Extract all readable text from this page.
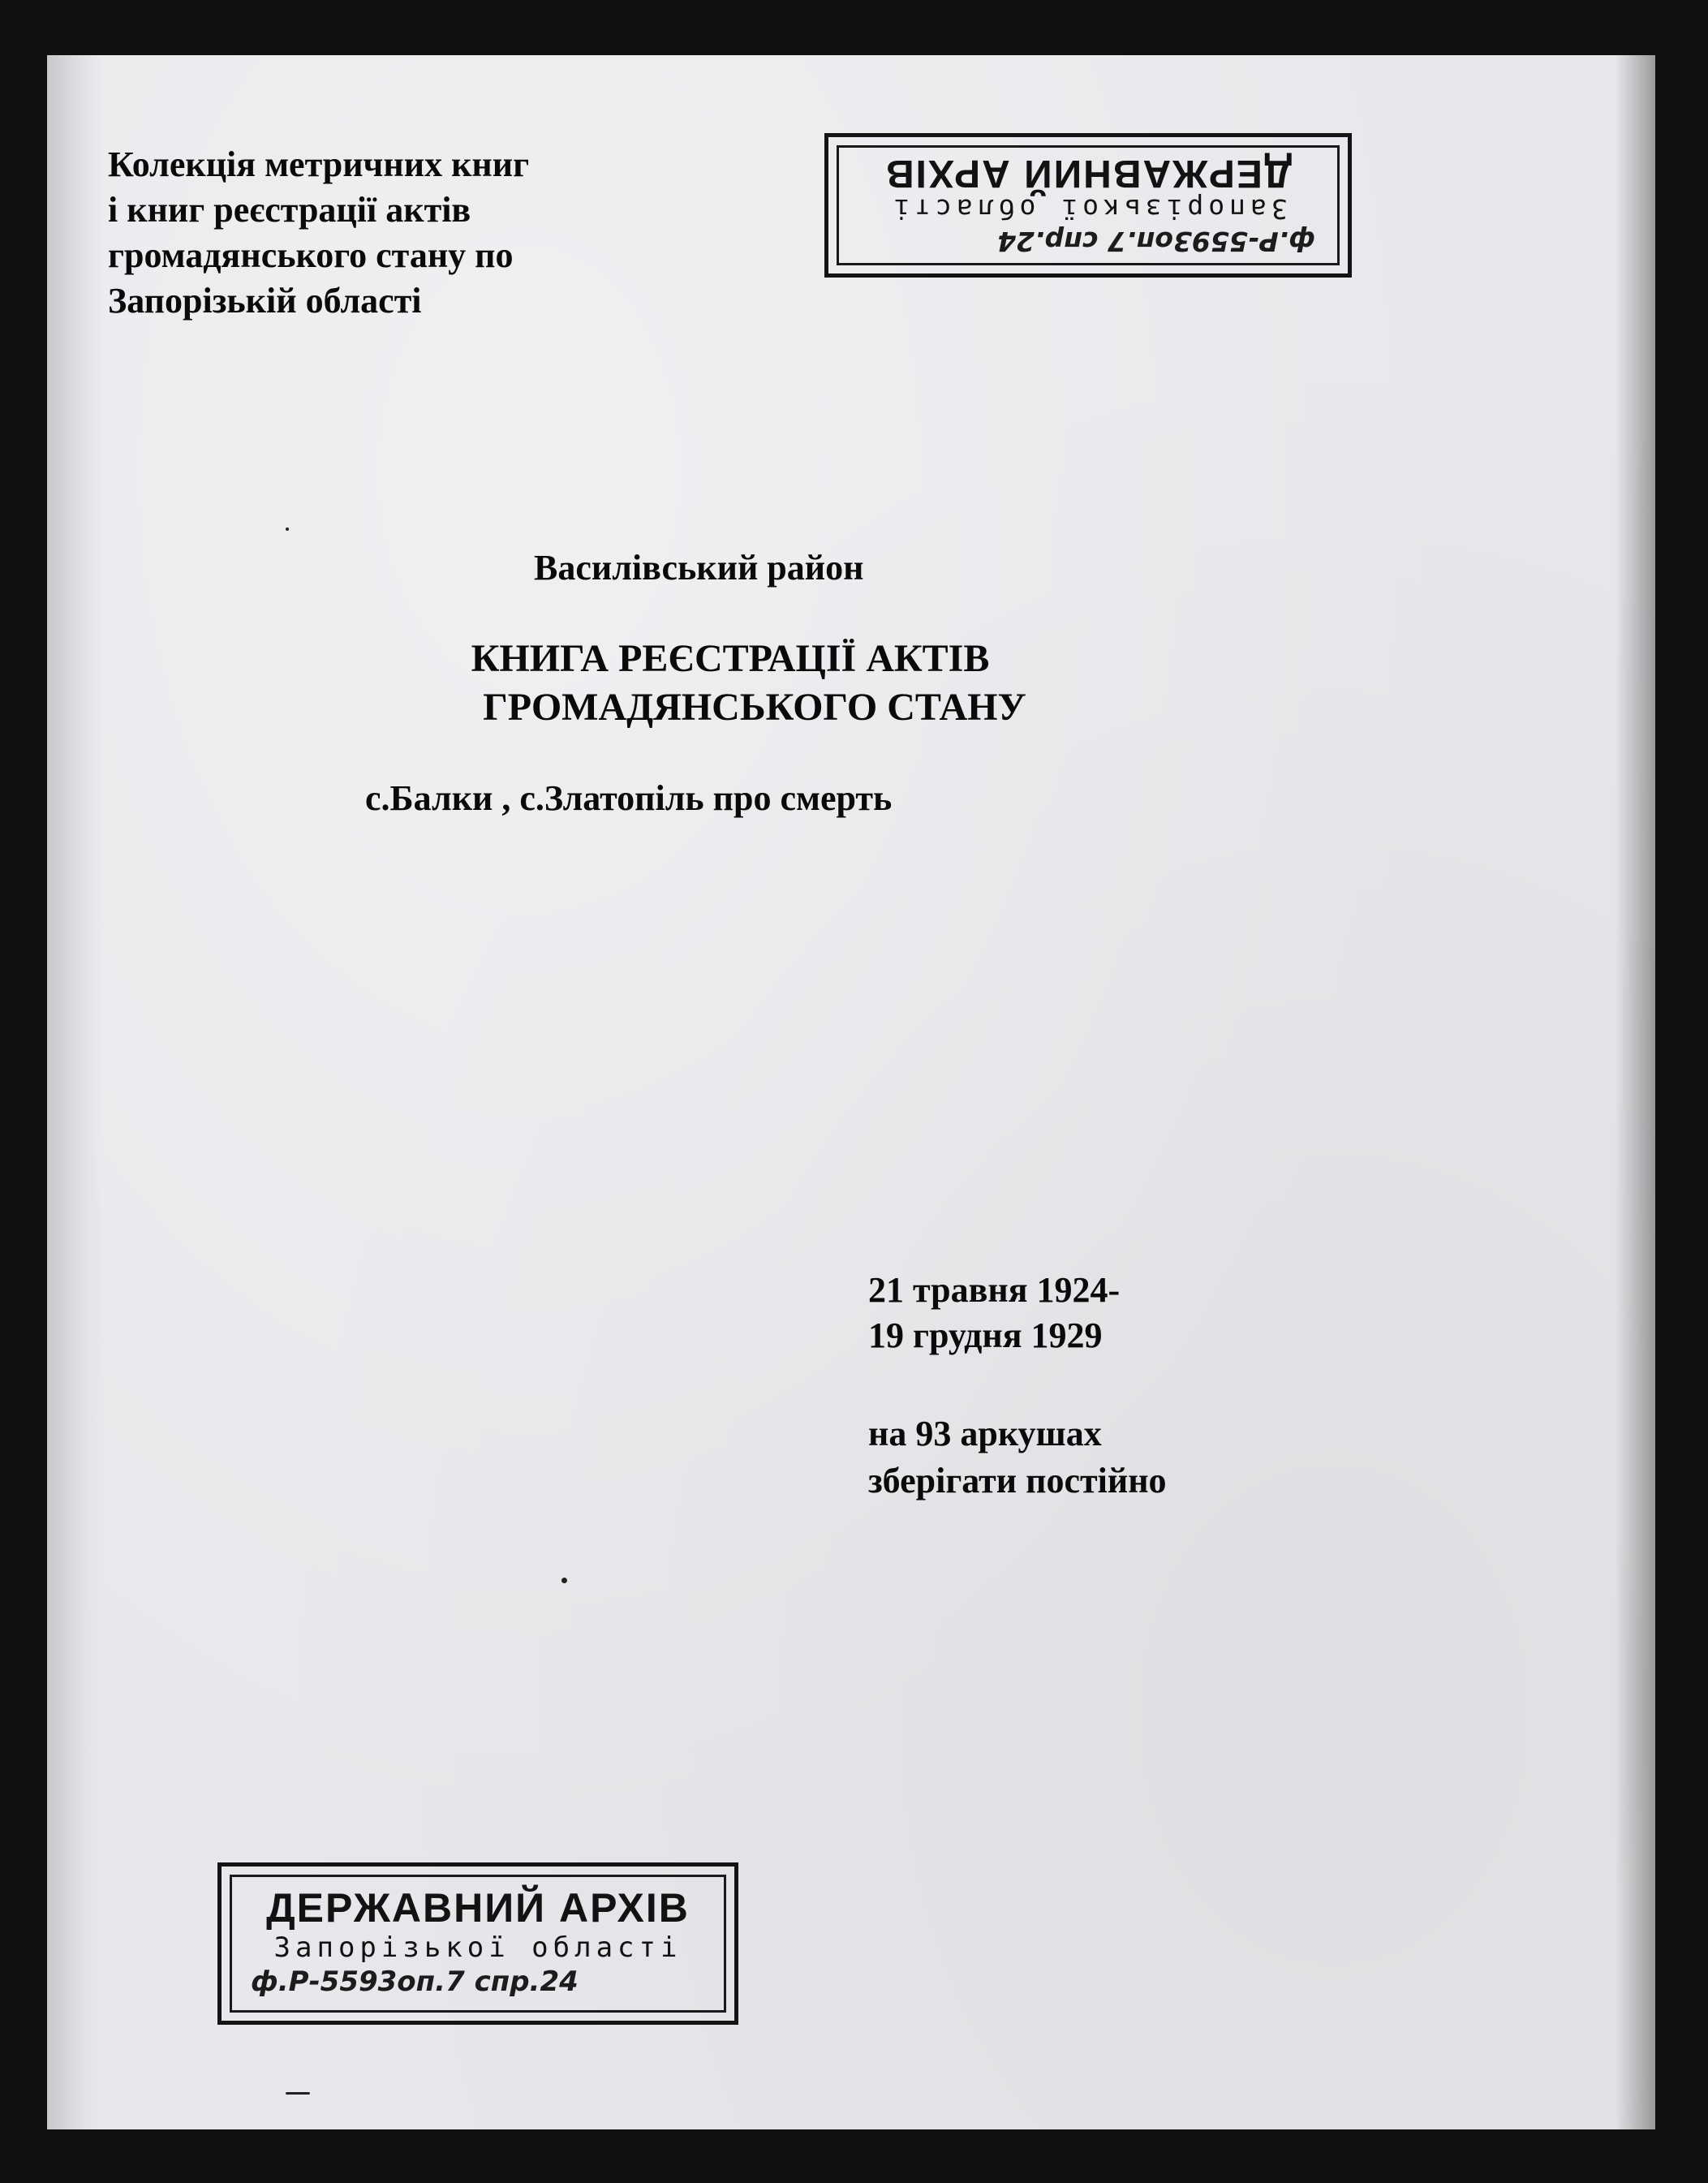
Колекція метричних книг
і книг реєстрації актів
громадянського стану по
Запорізькій області
ДЕРЖАВНИЙ АРХІВ
Запорізької області
ф.Р-5593оп.7 спр.24
Василівський район
КНИГА РЕЄСТРАЦІЇ АКТІВ
ГРОМАДЯНСЬКОГО СТАНУ
с.Балки , с.Златопіль про смерть
21 травня 1924-
19 грудня 1929
на 93 аркушах
зберігати постійно
ДЕРЖАВНИЙ АРХІВ
Запорізької області
ф.Р-5593оп.7 спр.24
